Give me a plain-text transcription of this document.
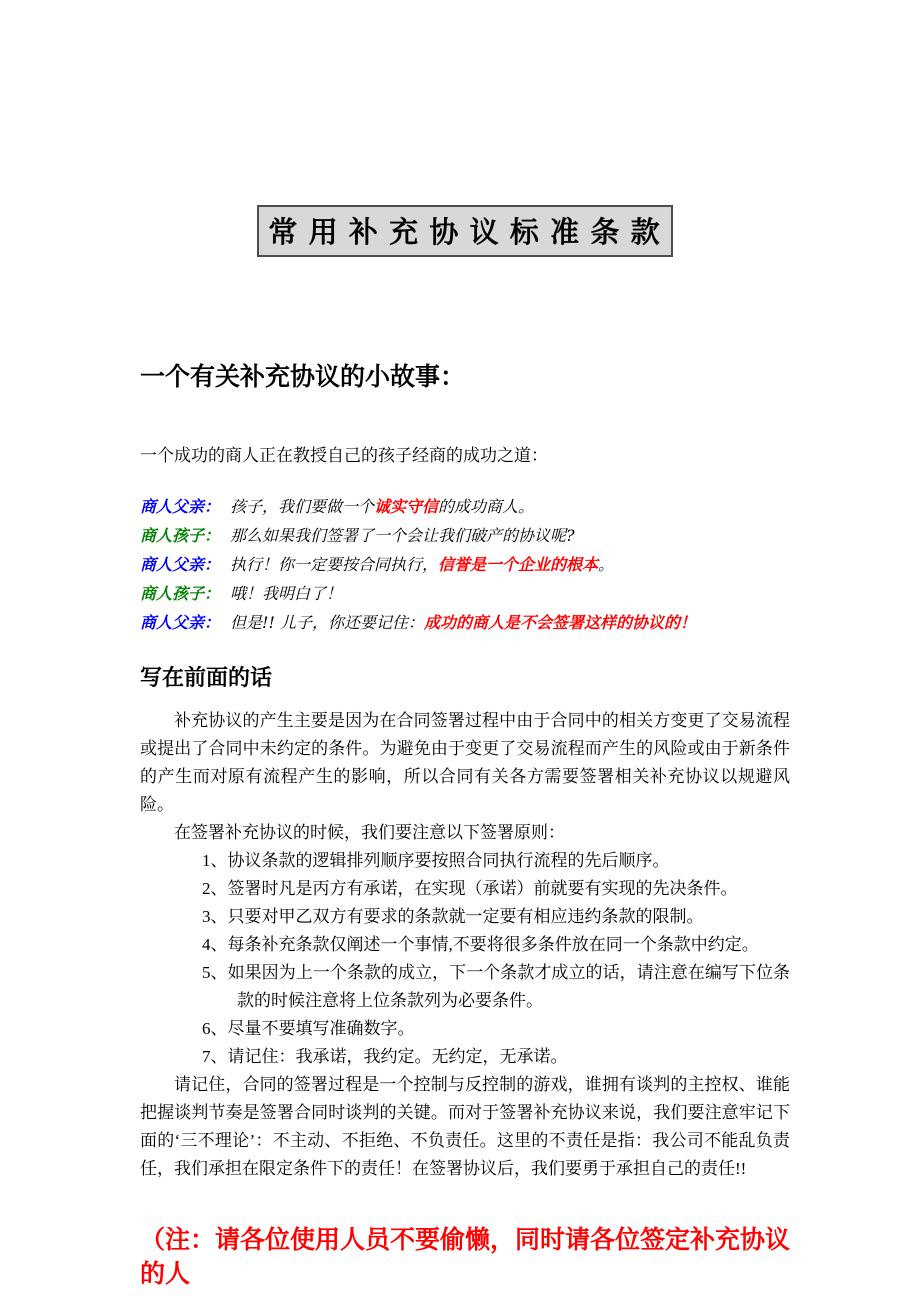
常 用 补 充 协 议 标 准 条 款
一个有关补充协议的小故事：

一个成功的商人正在教授自己的孩子经商的成功之道：

商人父亲： 孩子，我们要做一个诚实守信的成功商人。
商人孩子： 那么如果我们签署了一个会让我们破产的协议呢?
商人父亲： 执行！你一定要按合同执行，信誉是一个企业的根本。
商人孩子： 哦！我明白了！
商人父亲： 但是!! 儿子，你还要记住：成功的商人是不会签署这样的协议的！
写在前面的话

补充协议的产生主要是因为在合同签署过程中由于合同中的相关方变更了交易流程或提出了合同中未约定的条件。为避免由于变更了交易流程而产生的风险或由于新条件的产生而对原有流程产生的影响，所以合同有关各方需要签署相关补充协议以规避风险。

在签署补充协议的时候，我们要注意以下签署原则：

1、协议条款的逻辑排列顺序要按照合同执行流程的先后顺序。
2、签署时凡是丙方有承诺，在实现（承诺）前就要有实现的先决条件。
3、只要对甲乙双方有要求的条款就一定要有相应违约条款的限制。
4、每条补充条款仅阐述一个事情,不要将很多条件放在同一个条款中约定。
5、如果因为上一个条款的成立，下一个条款才成立的话，请注意在编写下位条款的时候注意将上位条款列为必要条件。
6、尽量不要填写准确数字。
7、请记住：我承诺，我约定。无约定，无承诺。

请记住，合同的签署过程是一个控制与反控制的游戏，谁拥有谈判的主控权、谁能把握谈判节奏是签署合同时谈判的关键。而对于签署补充协议来说，我们要注意牢记下面的‘三不理论’：不主动、不拒绝、不负责任。这里的不责任是指：我公司不能乱负责任，我们承担在限定条件下的责任！在签署协议后，我们要勇于承担自己的责任!!

（注：请各位使用人员不要偷懒，同时请各位签定补充协议的人
